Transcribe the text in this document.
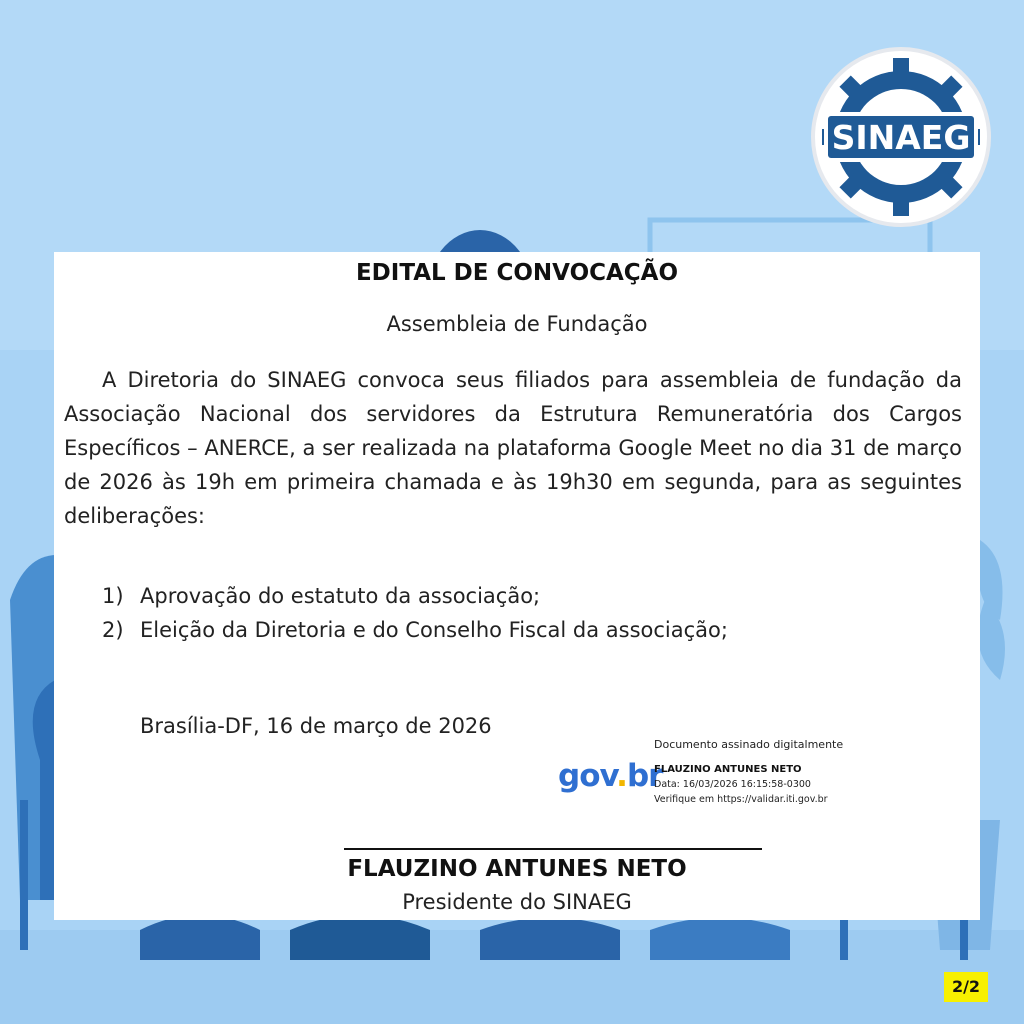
SINAEG
EDITAL DE CONVOCAÇÃO
Assembleia de Fundação
A Diretoria do SINAEG convoca seus filiados para assembleia de fundação da Associação Nacional dos servidores da Estrutura Remuneratória dos Cargos Específicos – ANERCE, a ser realizada na plataforma Google Meet no dia 31 de março de 2026 às 19h em primeira chamada e às 19h30 em segunda, para as seguintes deliberações:
1) Aprovação do estatuto da associação;
2) Eleição da Diretoria e do Conselho Fiscal da associação;
Brasília-DF, 16 de março de 2026
Documento assinado digitalmente
gov.br
FLAUZINO ANTUNES NETO
Data: 16/03/2026 16:15:58-0300
Verifique em https://validar.iti.gov.br
FLAUZINO ANTUNES NETO
Presidente do SINAEG
2/2
